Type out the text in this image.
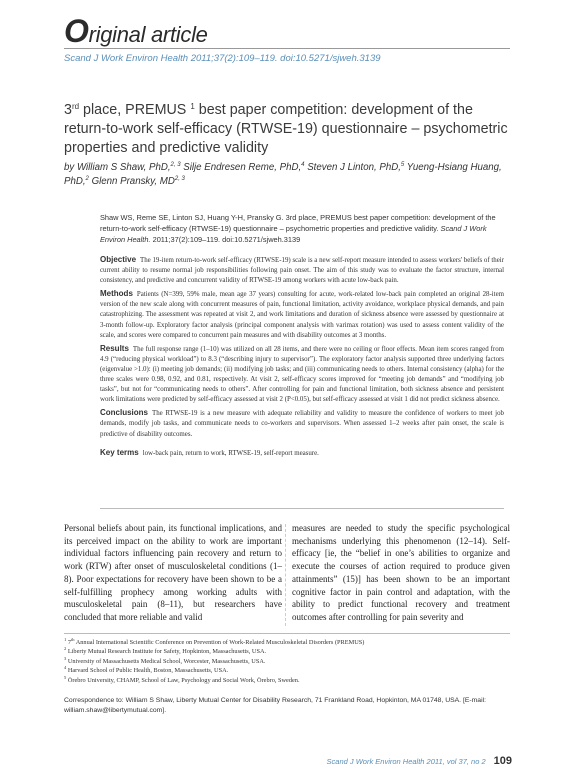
Original article
Scand J Work Environ Health 2011;37(2):109–119. doi:10.5271/sjweh.3139
3rd place, PREMUS $^1$ best paper competition: development of the return-to-work self-efficacy (RTWSE-19) questionnaire – psychometric properties and predictive validity
by William S Shaw, PhD,$^{2, 3}$ Silje Endresen Reme, PhD,$^4$ Steven J Linton, PhD,$^5$ Yueng-Hsiang Huang, PhD,$^2$ Glenn Pransky, MD$^{2, 3}$
Shaw WS, Reme SE, Linton SJ, Huang Y-H, Pransky G. 3rd place, PREMUS best paper competition: development of the return-to-work self-efficacy (RTWSE-19) questionnaire – psychometric properties and predictive validity. Scand J Work Environ Health. 2011;37(2):109–119. doi:10.5271/sjweh.3139
Objective The 19-item return-to-work self-efficacy (RTWSE-19) scale is a new self-report measure intended to assess workers' beliefs of their current ability to resume normal job responsibilities following pain onset. The aim of this study was to evaluate the factor structure, internal consistency, and predictive and concurrent validity of RTWSE-19 among workers with acute low-back pain.
Methods Patients (N=399, 59% male, mean age 37 years) consulting for acute, work-related low-back pain completed an original 28-item version of the new scale along with concurrent measures of pain, functional limitation, activity avoidance, workplace physical demands, and pain catastrophizing. The assessment was repeated at visit 2, and work limitations and duration of sickness absence were assessed by questionnaire at 3-month follow-up. Exploratory factor analysis (principal component analysis with varimax rotation) was used to assess content validity of the scale, and scores were compared to concurrent pain measures and with disability outcomes at 3 months.
Results The full response range (1–10) was utilized on all 28 items, and there were no ceiling or floor effects. Mean item scores ranged from 4.9 (“reducing physical workload”) to 8.3 (“describing injury to supervisor”). The exploratory factor analysis supported three underlying factors (eigenvalue >1.0): (i) meeting job demands; (ii) modifying job tasks; and (iii) communicating needs to others. Internal consistency (alpha) for the three scales were 0.98, 0.92, and 0.81, respectively. At visit 2, self-efficacy scores improved for “meeting job demands” and “modifying job tasks”, but not for “communicating needs to others”. After controlling for pain and functional limitation, both sickness absence and persistent work limitations were predicted by self-efficacy assessed at visit 2 (P<0.05), but self-efficacy assessed at visit 1 did not predict sickness absence.
Conclusions The RTWSE-19 is a new measure with adequate reliability and validity to measure the confidence of workers to meet job demands, modify job tasks, and communicate needs to co-workers and supervisors. When assessed 1–2 weeks after pain onset, the scale is predictive of disability outcomes.
Key terms low-back pain, return to work, RTWSE-19, self-report measure.
Personal beliefs about pain, its functional implications, and its perceived impact on the ability to work are important individual factors influencing pain recovery and return to work (RTW) after onset of musculoskeletal conditions (1–8). Poor expectations for recovery have been shown to be a self-fulfilling prophecy among working adults with musculoskeletal pain (8–11), but researchers have concluded that more reliable and valid
measures are needed to study the specific psychological mechanisms underlying this phenomenon (12–14). Self-efficacy [ie, the “belief in one’s abilities to organize and execute the courses of action required to produce given attainments” (15)] has been shown to be an important cognitive factor in pain control and adaptation, with the ability to predict functional recovery and treatment outcomes after controlling for pain severity and
$^1$ 7th Annual International Scientific Conference on Prevention of Work-Related Musculoskeletal Disorders (PREMUS)
$^2$ Liberty Mutual Research Institute for Safety, Hopkinton, Massachusetts, USA.
$^3$ University of Massachusetts Medical School, Worcester, Massachusetts, USA.
$^4$ Harvard School of Public Health, Boston, Massachusetts, USA.
$^5$ Örebro University, CHAMP, School of Law, Psychology and Social Work, Örebro, Sweden.
Correspondence to: William S Shaw, Liberty Mutual Center for Disability Research, 71 Frankland Road, Hopkinton, MA 01748, USA. [E-mail: william.shaw@libertymutual.com].
Scand J Work Environ Health 2011, vol 37, no 2 109
